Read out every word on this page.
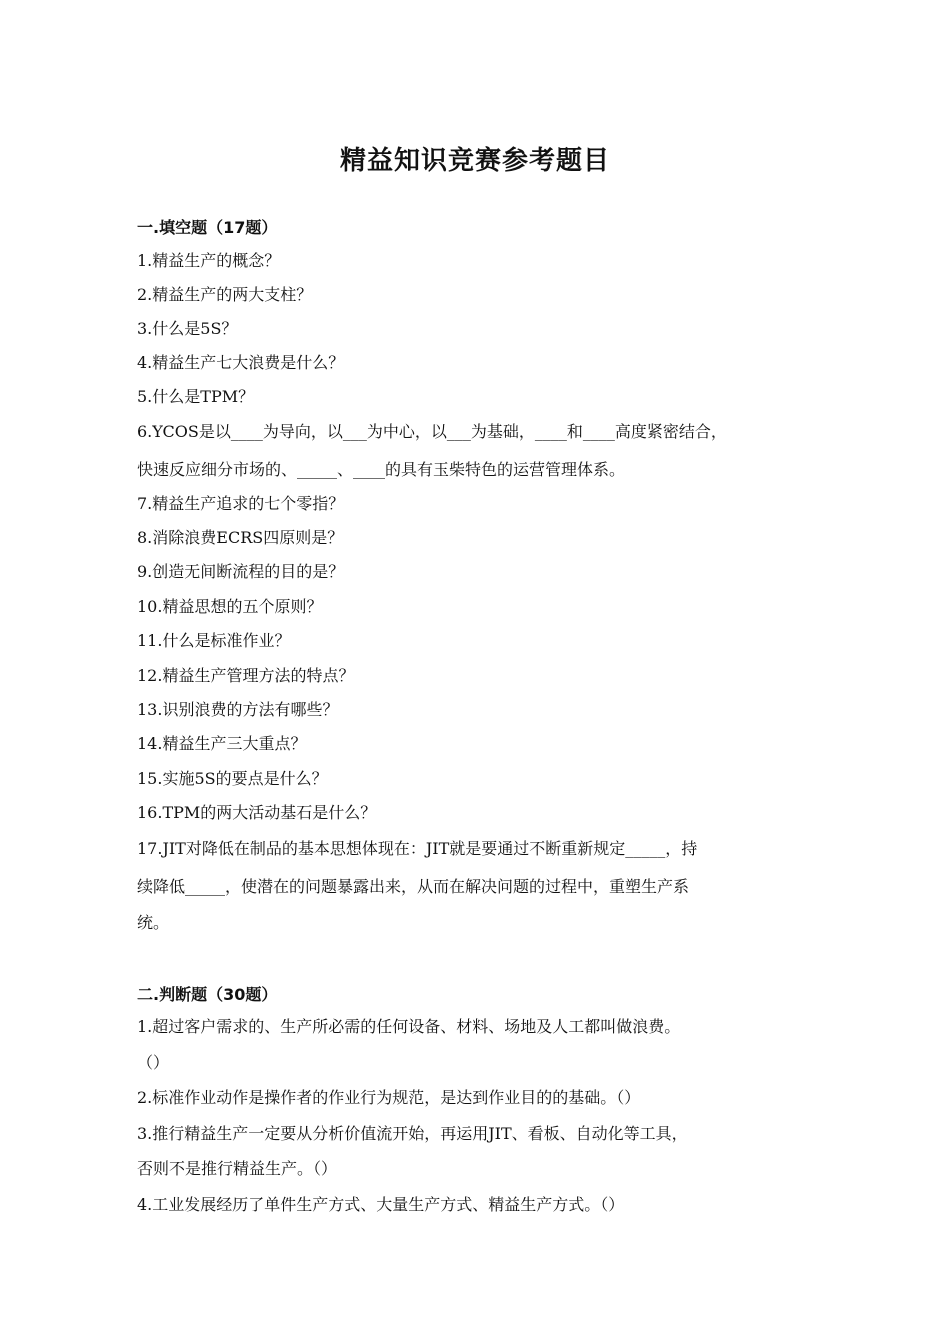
精益知识竞赛参考题目
一.填空题（17题）
1.精益生产的概念？
2.精益生产的两大支柱？
3.什么是5S？
4.精益生产七大浪费是什么？
5.什么是TPM？
6.YCOS是以____为导向，以___为中心，以___为基础，____和____高度紧密结合，
快速反应细分市场的、_____、____的具有玉柴特色的运营管理体系。
7.精益生产追求的七个零指？
8.消除浪费ECRS四原则是？
9.创造无间断流程的目的是？
10.精益思想的五个原则？
11.什么是标准作业？
12.精益生产管理方法的特点？
13.识别浪费的方法有哪些？
14.精益生产三大重点？
15.实施5S的要点是什么？
16.TPM的两大活动基石是什么？
17.JIT对降低在制品的基本思想体现在：JIT就是要通过不断重新规定_____，持
续降低_____，使潜在的问题暴露出来，从而在解决问题的过程中，重塑生产系
统。
二.判断题（30题）
1.超过客户需求的、生产所必需的任何设备、材料、场地及人工都叫做浪费。
（）
2.标准作业动作是操作者的作业行为规范，是达到作业目的的基础。（）
3.推行精益生产一定要从分析价值流开始，再运用JIT、看板、自动化等工具，
否则不是推行精益生产。（）
4.工业发展经历了单件生产方式、大量生产方式、精益生产方式。（）
